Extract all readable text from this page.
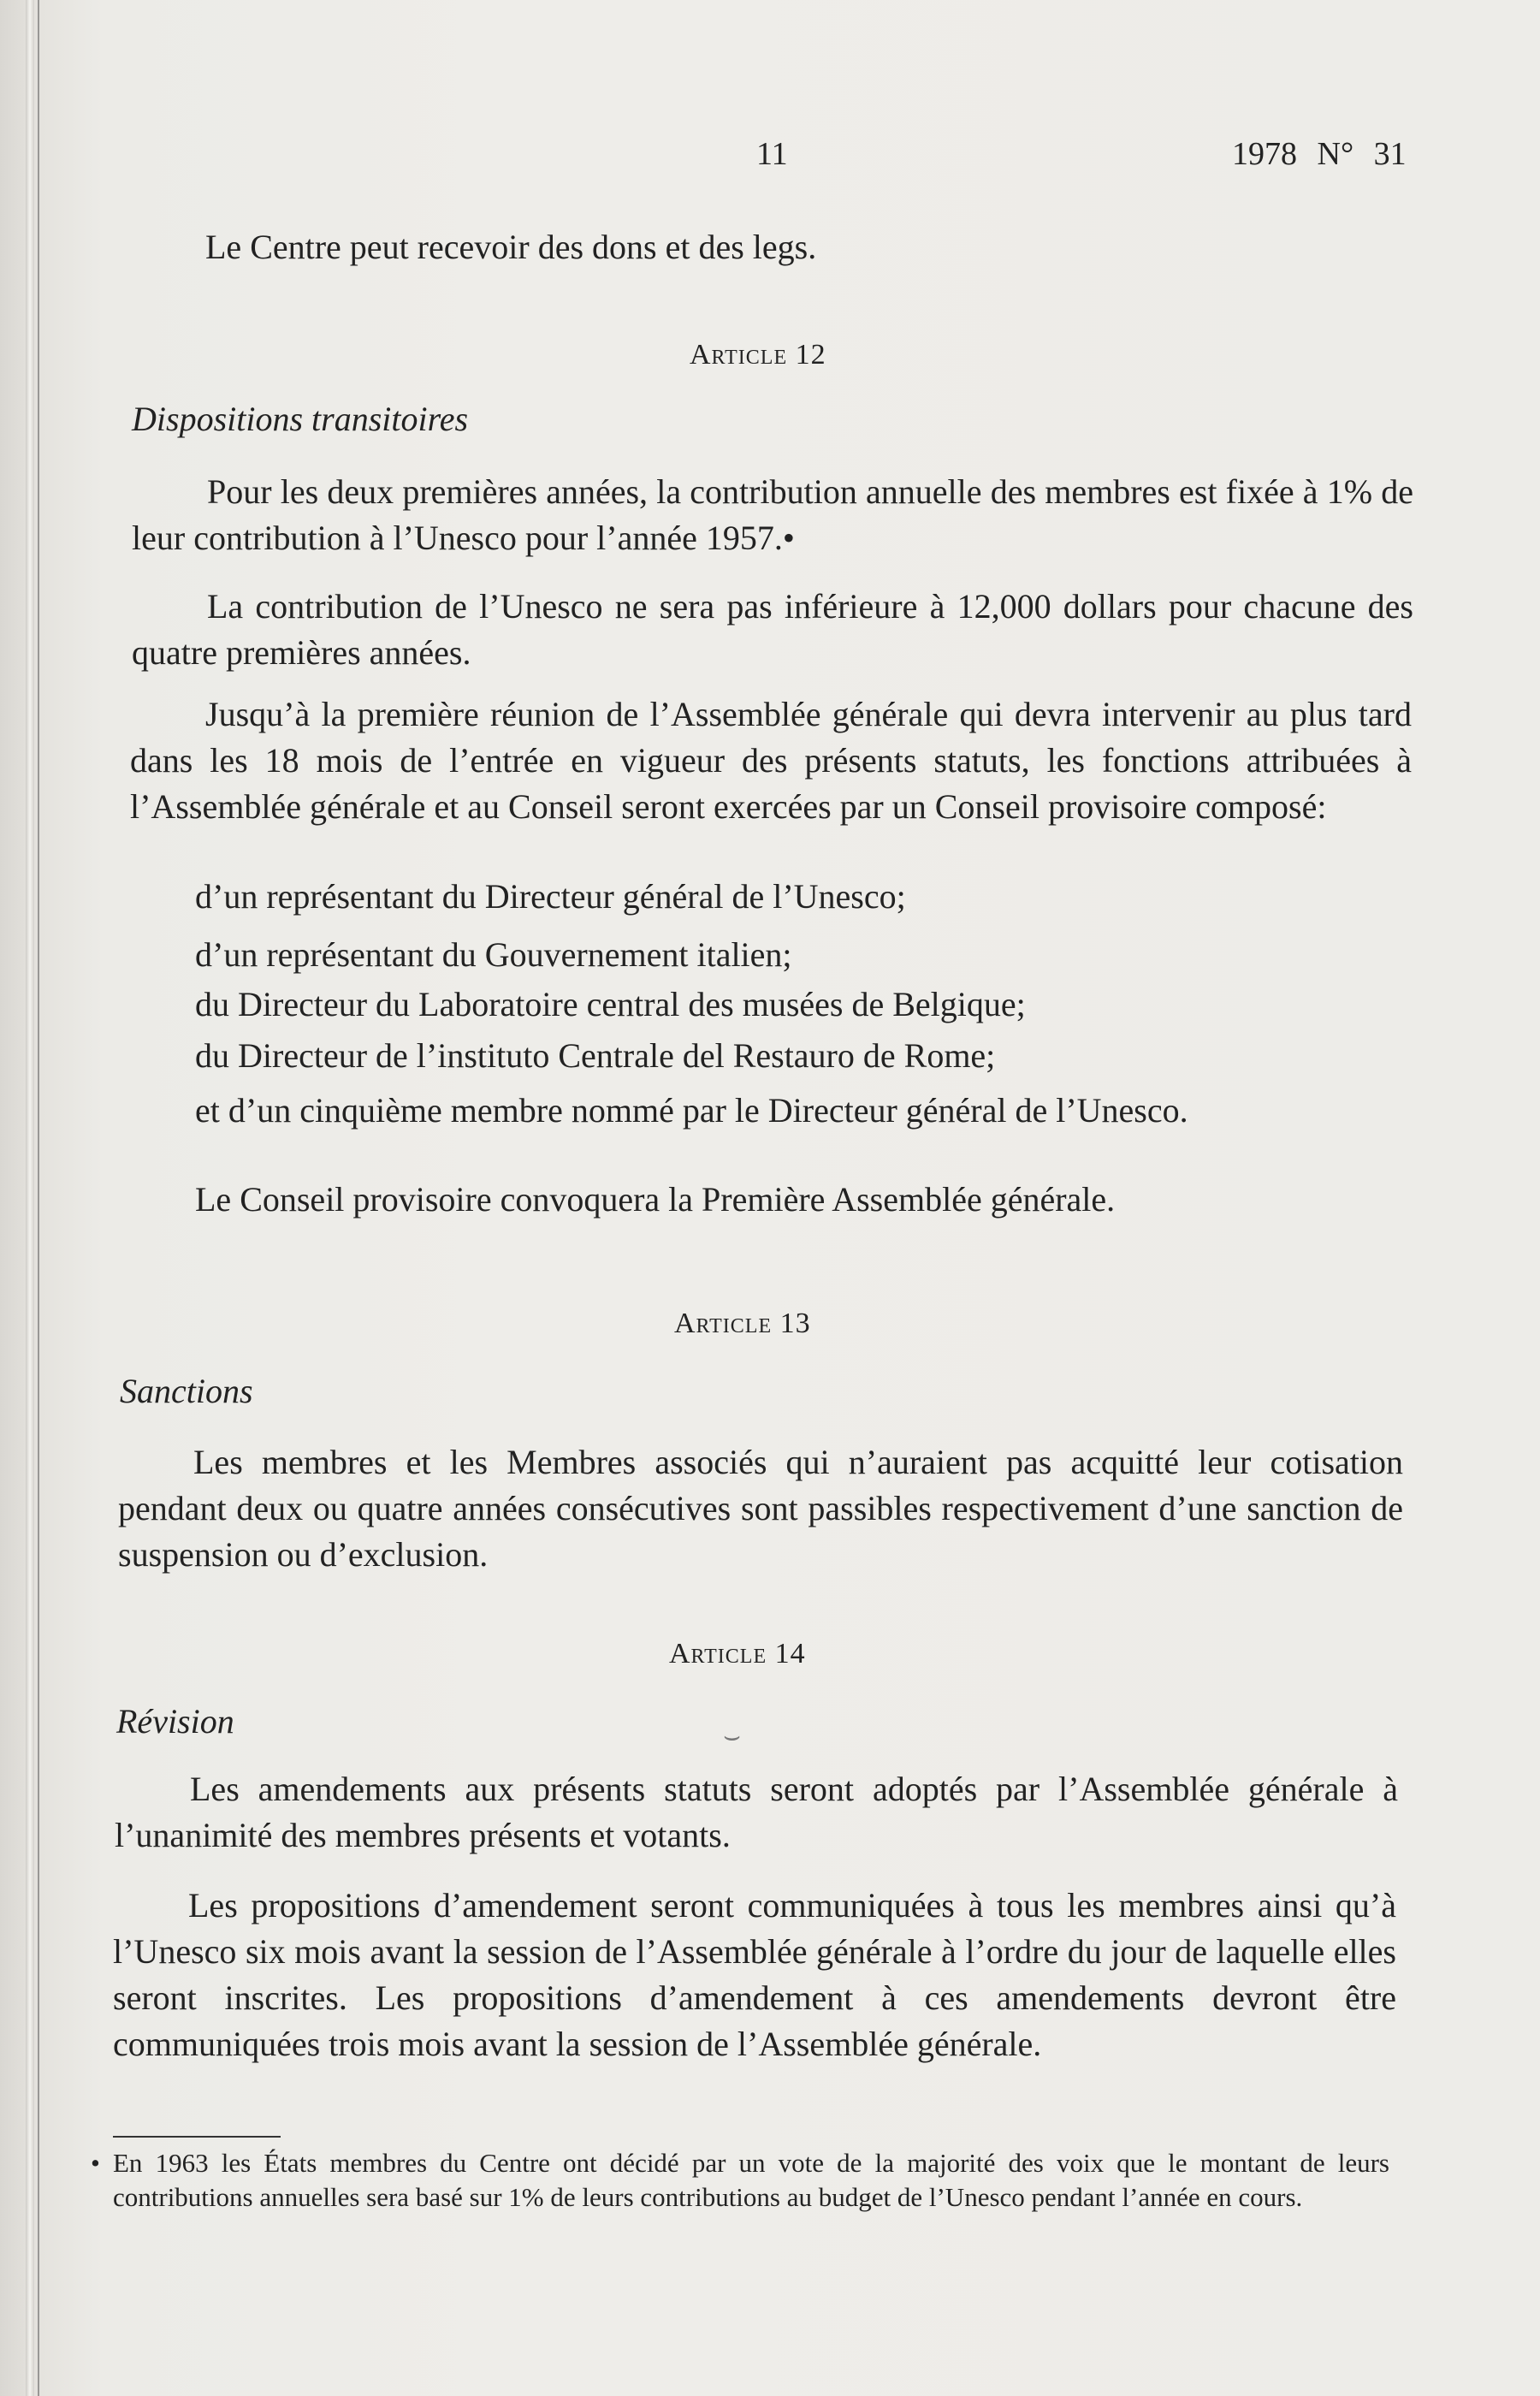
11	1978 N° 31

Le Centre peut recevoir des dons et des legs.

Article 12
Dispositions transitoires

Pour les deux premières années, la contribution annuelle des membres est fixée à 1% de leur contribution à l’Unesco pour l’année 1957.•

La contribution de l’Unesco ne sera pas inférieure à 12,000 dollars pour chacune des quatre premières années.

Jusqu’à la première réunion de l’Assemblée générale qui devra intervenir au plus tard dans les 18 mois de l’entrée en vigueur des présents statuts, les fonctions attribuées à l’Assemblée générale et au Conseil seront exercées par un Conseil provisoire composé:

d’un représentant du Directeur général de l’Unesco;
d’un représentant du Gouvernement italien;
du Directeur du Laboratoire central des musées de Belgique;
du Directeur de l’instituto Centrale del Restauro de Rome;
et d’un cinquième membre nommé par le Directeur général de l’Unesco.
Le Conseil provisoire convoquera la Première Assemblée générale.
Article 13
Sanctions

Les membres et les Membres associés qui n’auraient pas acquitté leur cotisation pendant deux ou quatre années consécutives sont passibles respectivement d’une sanction de suspension ou d’exclusion.

Article 14
Révision	⌣

Les amendements aux présents statuts seront adoptés par l’Assemblée générale à l’unanimité des membres présents et votants.

Les propositions d’amendement seront communiquées à tous les membres ainsi qu’à l’Unesco six mois avant la session de l’Assemblée générale à l’ordre du jour de laquelle elles seront inscrites. Les propositions d’amendement à ces amendements devront être communiquées trois mois avant la session de l’Assemblée générale.

• En 1963 les États membres du Centre ont décidé par un vote de la majorité des voix que le montant de leurs contributions annuelles sera basé sur 1% de leurs contributions au budget de l’Unesco pendant l’année en cours.
